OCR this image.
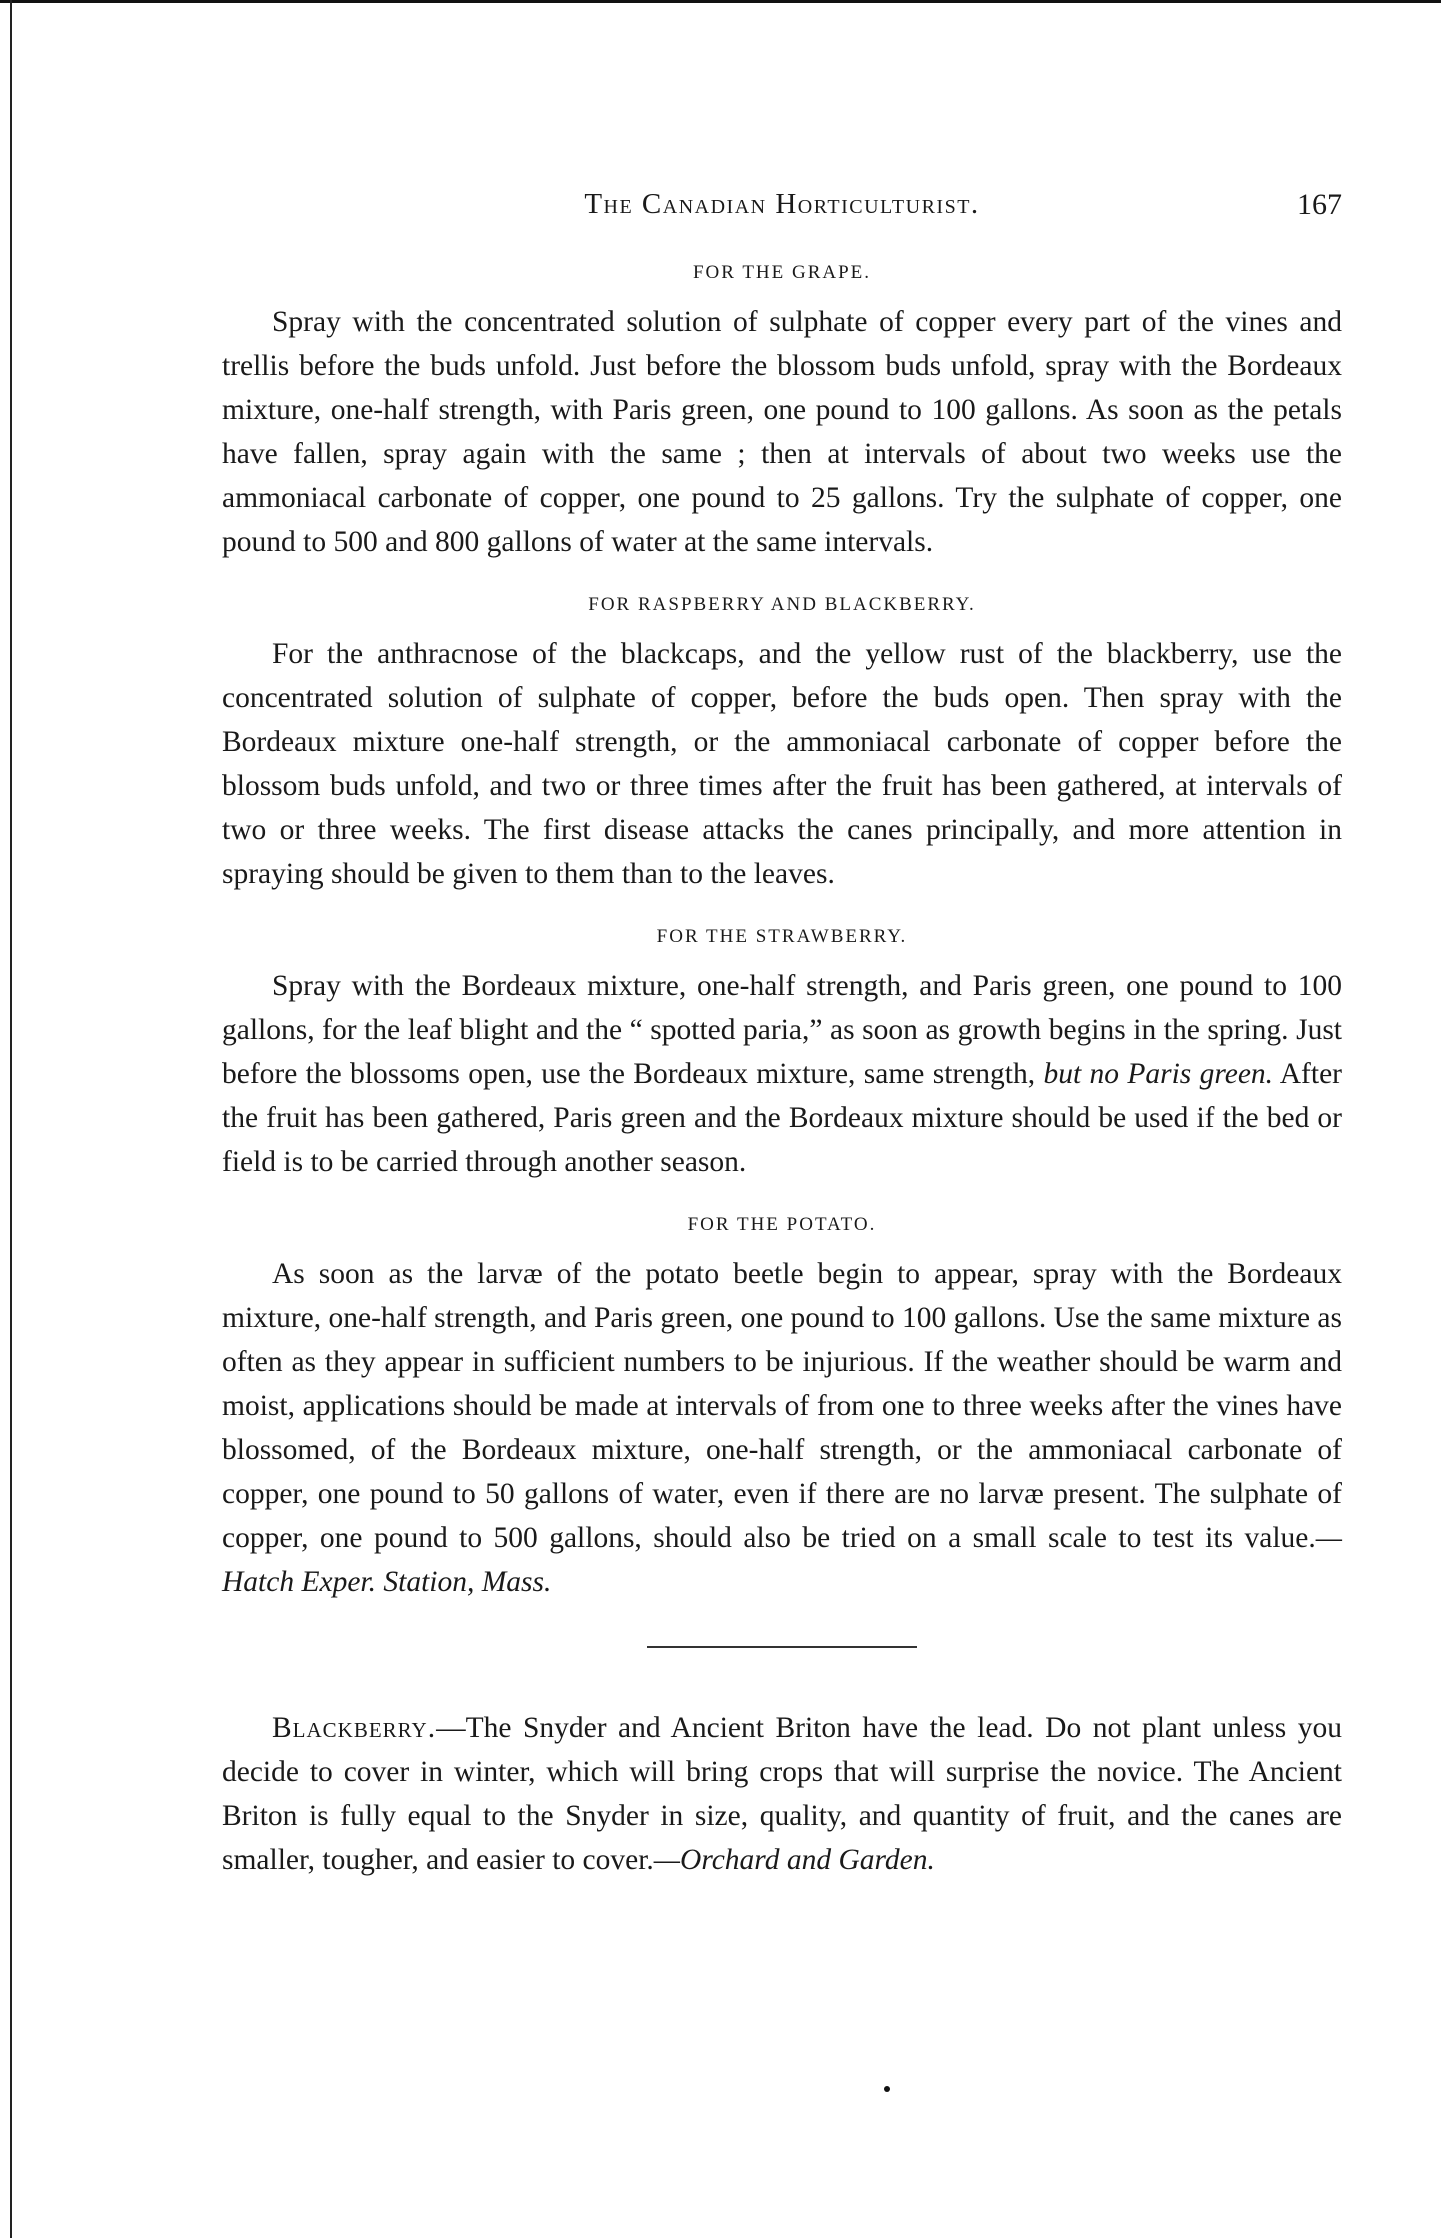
The Canadian Horticulturist.	167
FOR THE GRAPE.

Spray with the concentrated solution of sulphate of copper every part of the vines and trellis before the buds unfold. Just before the blossom buds unfold, spray with the Bordeaux mixture, one-half strength, with Paris green, one pound to 100 gallons. As soon as the petals have fallen, spray again with the same ; then at intervals of about two weeks use the ammoniacal carbonate of copper, one pound to 25 gallons. Try the sulphate of copper, one pound to 500 and 800 gallons of water at the same intervals.

FOR RASPBERRY AND BLACKBERRY.

For the anthracnose of the blackcaps, and the yellow rust of the blackberry, use the concentrated solution of sulphate of copper, before the buds open. Then spray with the Bordeaux mixture one-half strength, or the ammoniacal carbonate of copper before the blossom buds unfold, and two or three times after the fruit has been gathered, at intervals of two or three weeks. The first disease attacks the canes principally, and more attention in spraying should be given to them than to the leaves.

FOR THE STRAWBERRY.

Spray with the Bordeaux mixture, one-half strength, and Paris green, one pound to 100 gallons, for the leaf blight and the “ spotted paria,” as soon as growth begins in the spring. Just before the blossoms open, use the Bordeaux mixture, same strength, but no Paris green. After the fruit has been gathered, Paris green and the Bordeaux mixture should be used if the bed or field is to be carried through another season.

FOR THE POTATO.

As soon as the larvæ of the potato beetle begin to appear, spray with the Bordeaux mixture, one-half strength, and Paris green, one pound to 100 gallons. Use the same mixture as often as they appear in sufficient numbers to be injurious. If the weather should be warm and moist, applications should be made at intervals of from one to three weeks after the vines have blossomed, of the Bordeaux mixture, one-half strength, or the ammoniacal carbonate of copper, one pound to 50 gallons of water, even if there are no larvæ present. The sulphate of copper, one pound to 500 gallons, should also be tried on a small scale to test its value.—Hatch Exper. Station, Mass.

Blackberry.—The Snyder and Ancient Briton have the lead. Do not plant unless you decide to cover in winter, which will bring crops that will surprise the novice. The Ancient Briton is fully equal to the Snyder in size, quality, and quantity of fruit, and the canes are smaller, tougher, and easier to cover.—Orchard and Garden.
